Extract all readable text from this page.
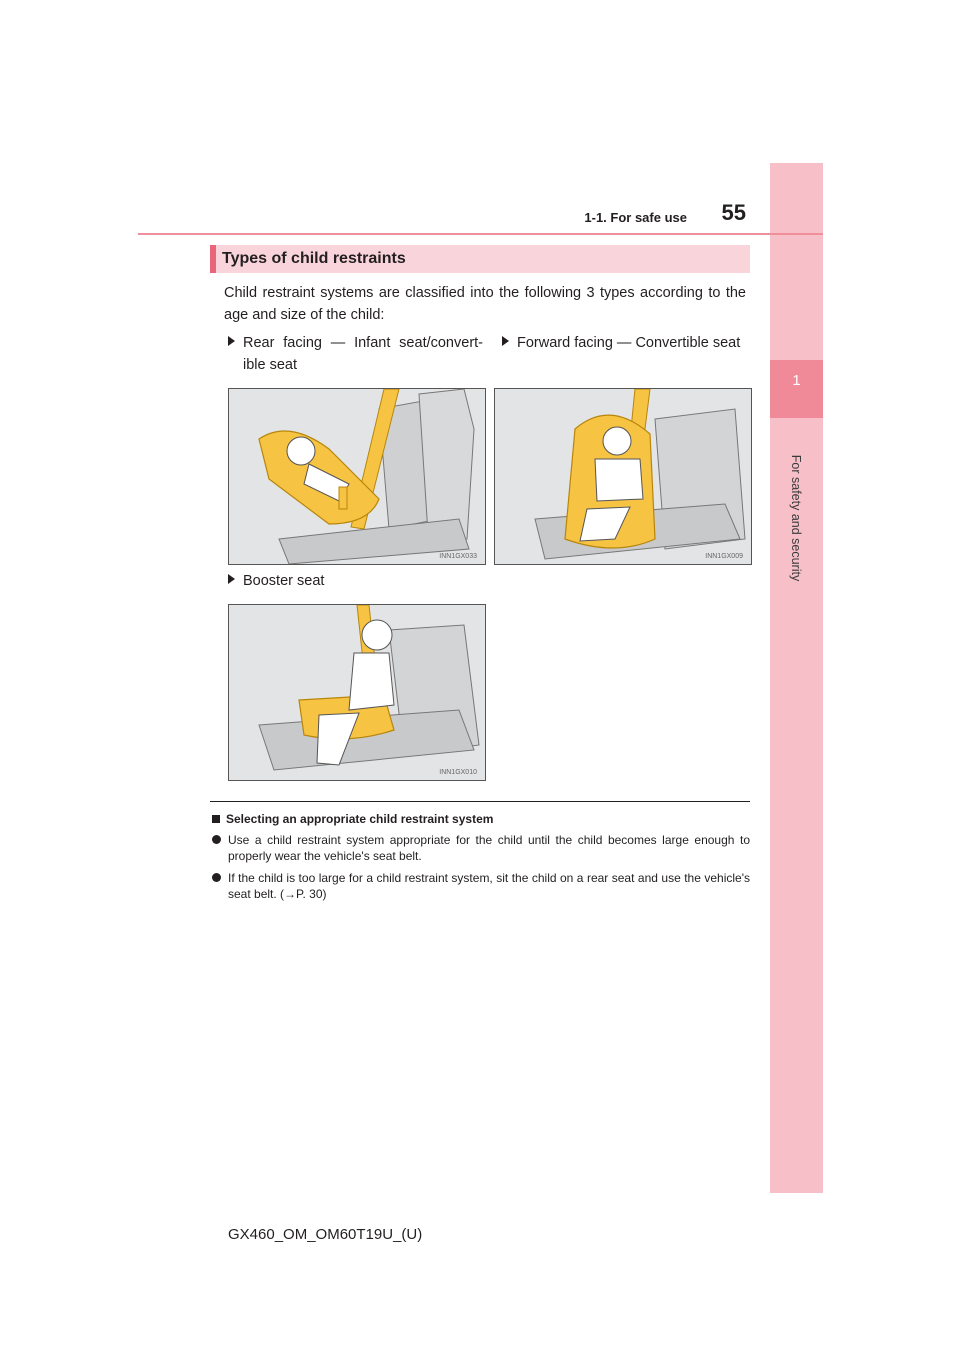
1
For safety and security
1-1. For safe use	55
Types of child restraints
Child restraint systems are classified into the following 3 types according to the age and size of the child:
Rear facing — Infant seat/convert-ible seat
Forward facing — Convertible seat
Booster seat
INN1GX033	INN1GX009
INN1GX010
Selecting an appropriate child restraint system
Use a child restraint system appropriate for the child until the child becomes large enough to properly wear the vehicle's seat belt.
If the child is too large for a child restraint system, sit the child on a rear seat and use the vehicle's seat belt. (→P. 30)
GX460_OM_OM60T19U_(U)
